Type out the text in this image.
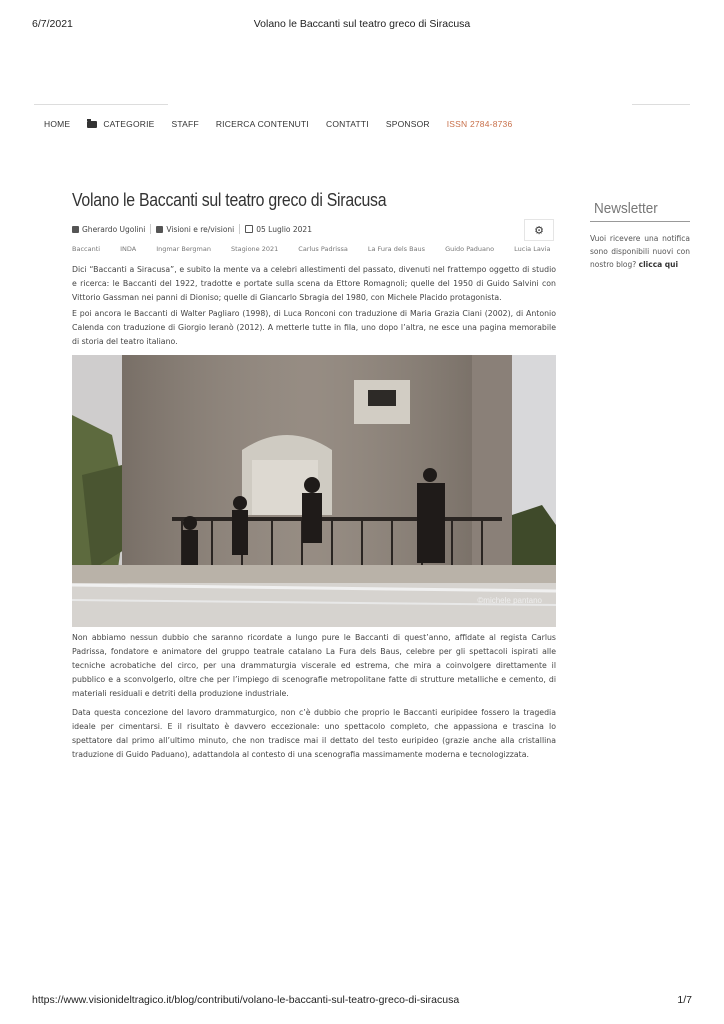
6/7/2021	Volano le Baccanti sul teatro greco di Siracusa
HOME	CATEGORIE STAFF RICERCA CONTENUTI CONTATTI SPONSOR ISSN 2784-8736
Volano le Baccanti sul teatro greco di Siracusa
Gherardo Ugolini	Visioni e re/visioni	05 Luglio 2021	⚙
Baccanti	INDA	Ingmar Bergman	Stagione 2021	Carlus Padrissa	La Fura dels Baus	Guido Paduano	Lucia Lavia

Dici “Baccanti a Siracusa”, e subito la mente va a celebri allestimenti del passato, divenuti nel frattempo oggetto di studio e ricerca: le Baccanti del 1922, tradotte e portate sulla scena da Ettore Romagnoli; quelle del 1950 di Guido Salvini con Vittorio Gassman nei panni di Dioniso; quelle di Giancarlo Sbragia del 1980, con Michele Placido protagonista.

E poi ancora le Baccanti di Walter Pagliaro (1998), di Luca Ronconi con traduzione di Maria Grazia Ciani (2002), di Antonio Calenda con traduzione di Giorgio Ieranò (2012). A metterle tutte in fila, uno dopo l’altra, ne esce una pagina memorabile di storia del teatro italiano.

©michele pantano

Non abbiamo nessun dubbio che saranno ricordate a lungo pure le Baccanti di quest’anno, affidate al regista Carlus Padrissa, fondatore e animatore del gruppo teatrale catalano La Fura dels Baus, celebre per gli spettacoli ispirati alle tecniche acrobatiche del circo, per una drammaturgia viscerale ed estrema, che mira a coinvolgere direttamente il pubblico e a sconvolgerlo, oltre che per l’impiego di scenografie metropolitane fatte di strutture metalliche e cemento, di materiali residuali e detriti della produzione industriale.

Data questa concezione del lavoro drammaturgico, non c’è dubbio che proprio le Baccanti euripidee fossero la tragedia ideale per cimentarsi. E il risultato è davvero eccezionale: uno spettacolo completo, che appassiona e trascina lo spettatore dal primo all’ultimo minuto, che non tradisce mai il dettato del testo euripideo (grazie anche alla cristallina traduzione di Guido Paduano), adattandola al contesto di una scenografia massimamente moderna e tecnologizzata.

Newsletter
Vuoi ricevere una notifica sono disponibili nuovi con nostro blog? clicca qui
https://www.visionideltragico.it/blog/contributi/volano-le-baccanti-sul-teatro-greco-di-siracusa	1/7
